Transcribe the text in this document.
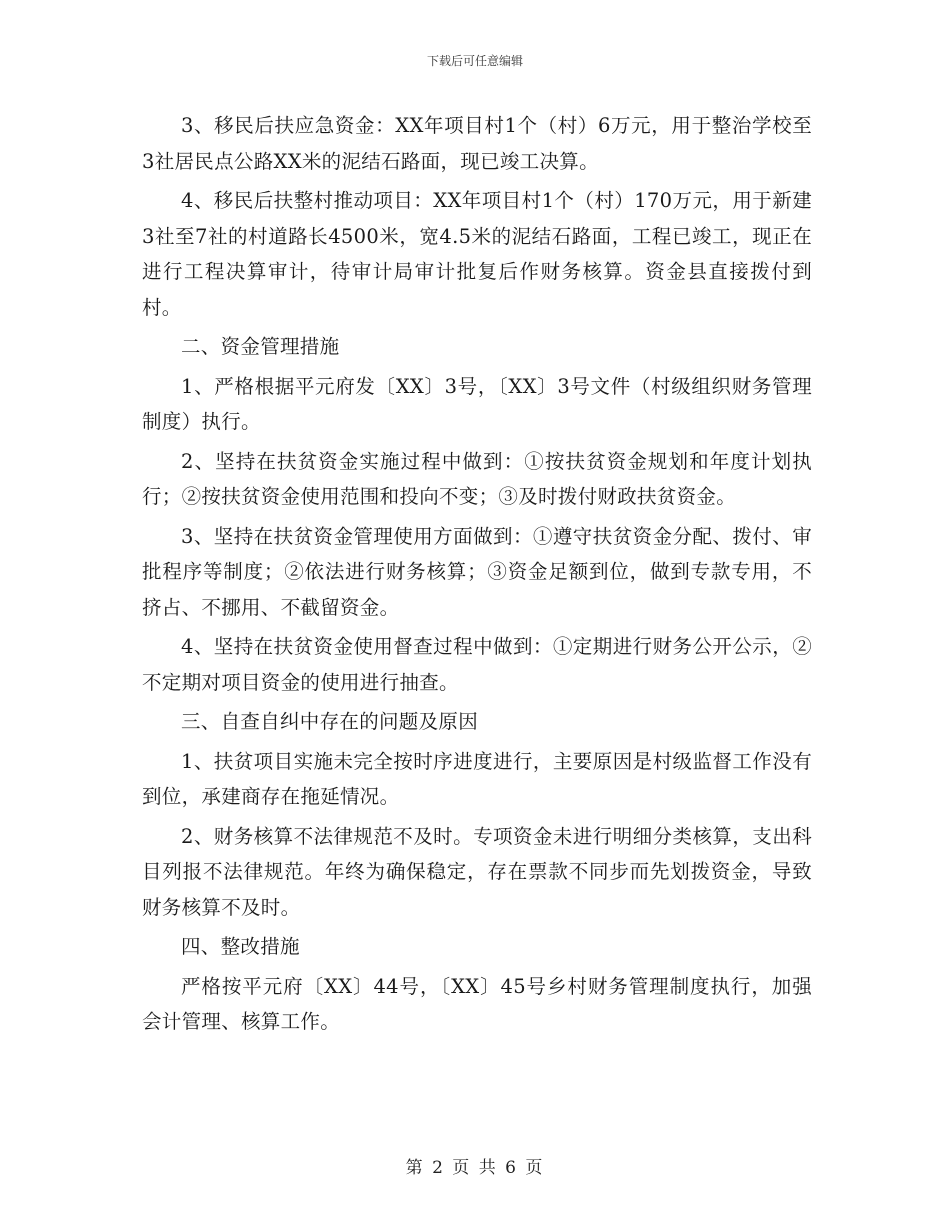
下载后可任意编辑

3、移民后扶应急资金：XX年项目村1个（村）6万元，用于整治学校至3社居民点公路XX米的泥结石路面，现已竣工决算。

4、移民后扶整村推动项目：XX年项目村1个（村）170万元，用于新建3社至7社的村道路长4500米，宽4.5米的泥结石路面，工程已竣工，现正在进行工程决算审计，待审计局审计批复后作财务核算。资金县直接拨付到村。

二、资金管理措施

1、严格根据平元府发〔XX〕3号，〔XX〕3号文件（村级组织财务管理制度）执行。

2、坚持在扶贫资金实施过程中做到：①按扶贫资金规划和年度计划执行；②按扶贫资金使用范围和投向不变；③及时拨付财政扶贫资金。

3、坚持在扶贫资金管理使用方面做到：①遵守扶贫资金分配、拨付、审批程序等制度；②依法进行财务核算；③资金足额到位，做到专款专用，不挤占、不挪用、不截留资金。

4、坚持在扶贫资金使用督查过程中做到：①定期进行财务公开公示，②不定期对项目资金的使用进行抽查。

三、自查自纠中存在的问题及原因

1、扶贫项目实施未完全按时序进度进行，主要原因是村级监督工作没有到位，承建商存在拖延情况。

2、财务核算不法律规范不及时。专项资金未进行明细分类核算，支出科目列报不法律规范。年终为确保稳定，存在票款不同步而先划拨资金，导致财务核算不及时。

四、整改措施

严格按平元府〔XX〕44号，〔XX〕45号乡村财务管理制度执行，加强会计管理、核算工作。

第 2 页 共 6 页
